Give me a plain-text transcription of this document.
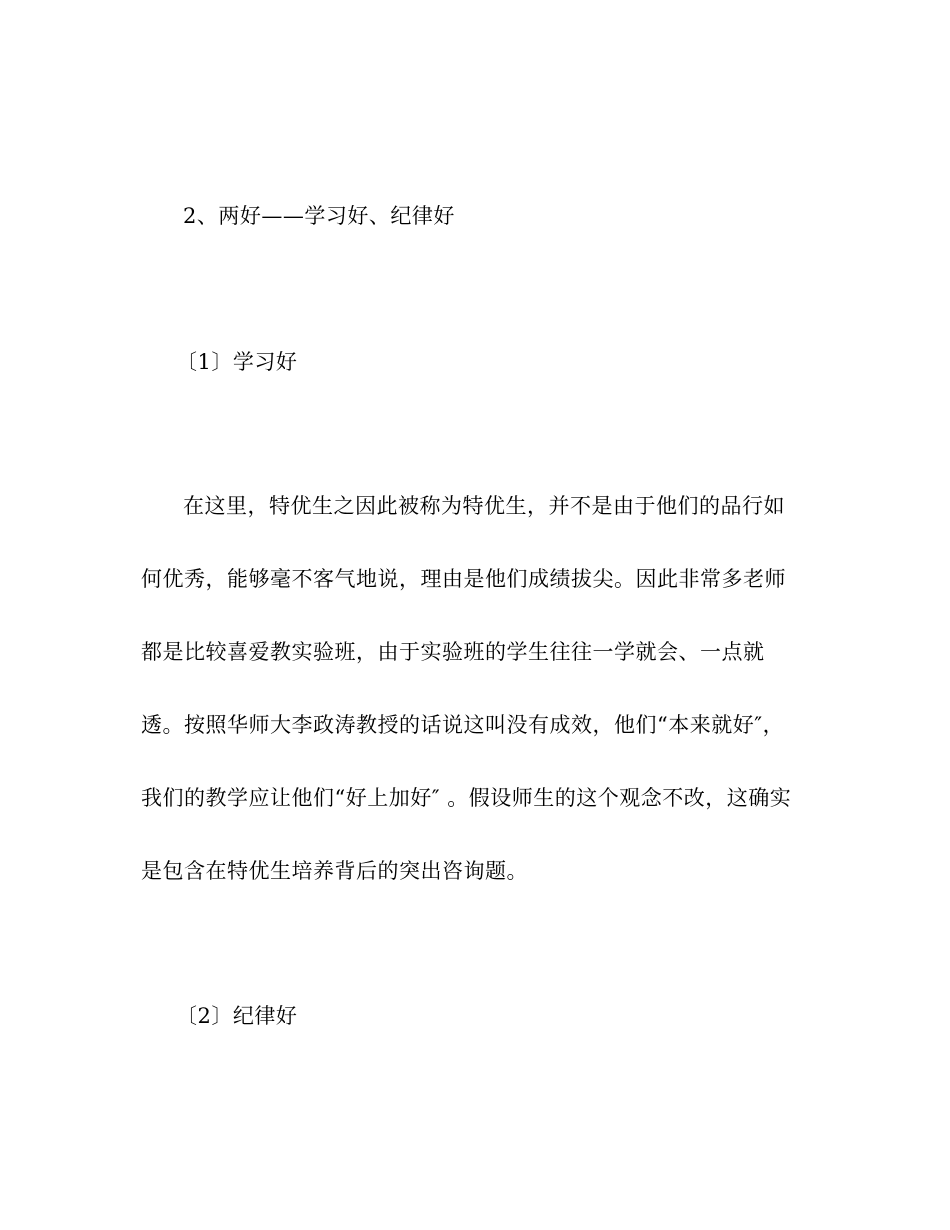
2、两好——学习好、纪律好
〔1〕学习好
在这里，特优生之因此被称为特优生，并不是由于他们的品行如
何优秀，能够毫不客气地说，理由是他们成绩拔尖。因此非常多老师
都是比较喜爱教实验班，由于实验班的学生往往一学就会、一点就
透。按照华师大李政涛教授的话说这叫没有成效，他们“本来就好″，
我们的教学应让他们“好上加好″ 。假设师生的这个观念不改，这确实
是包含在特优生培养背后的突出咨询题。
〔2〕纪律好
